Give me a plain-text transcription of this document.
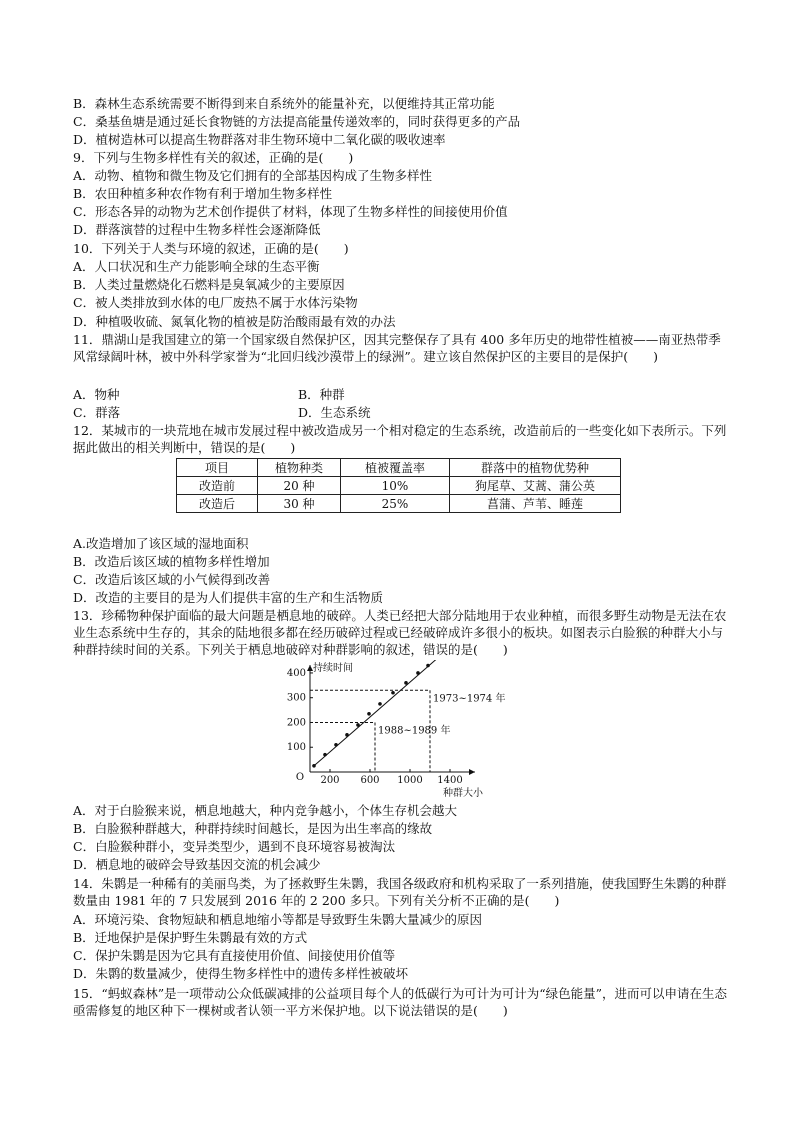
B．森林生态系统需要不断得到来自系统外的能量补充，以便维持其正常功能
C．桑基鱼塘是通过延长食物链的方法提高能量传递效率的，同时获得更多的产品
D．植树造林可以提高生物群落对非生物环境中二氧化碳的吸收速率
9．下列与生物多样性有关的叙述，正确的是(　　)
A．动物、植物和微生物及它们拥有的全部基因构成了生物多样性
B．农田种植多种农作物有利于增加生物多样性
C．形态各异的动物为艺术创作提供了材料，体现了生物多样性的间接使用价值
D．群落演替的过程中生物多样性会逐渐降低
10．下列关于人类与环境的叙述，正确的是(　　)
A．人口状况和生产力能影响全球的生态平衡
B．人类过量燃烧化石燃料是臭氧减少的主要原因
C．被人类排放到水体的电厂废热不属于水体污染物
D．种植吸收硫、氮氧化物的植被是防治酸雨最有效的办法
11．鼎湖山是我国建立的第一个国家级自然保护区，因其完整保存了具有 400 多年历史的地带性植被——南亚热带季风常绿阔叶林，被中外科学家誉为“北回归线沙漠带上的绿洲”。建立该自然保护区的主要目的是保护(　　)
A．物种	B．种群
C．群落	D．生态系统
12．某城市的一块荒地在城市发展过程中被改造成另一个相对稳定的生态系统，改造前后的一些变化如下表所示。下列据此做出的相关判断中，错误的是(　　)
项目	植物种类	植被覆盖率	群落中的植物优势种
改造前	20 种	10%	狗尾草、艾蒿、蒲公英
改造后	30 种	25%	菖蒲、芦苇、睡莲
A.改造增加了该区域的湿地面积
B．改造后该区域的植物多样性增加
C．改造后该区域的小气候得到改善
D．改造的主要目的是为人们提供丰富的生产和生活物质
13．珍稀物种保护面临的最大问题是栖息地的破碎。人类已经把大部分陆地用于农业种植，而很多野生动物是无法在农业生态系统中生存的，其余的陆地很多都在经历破碎过程或已经破碎成许多很小的板块。如图表示白脸猴的种群大小与种群持续时间的关系。下列关于栖息地破碎对种群影响的叙述，错误的是(　　)
200 600 1000 1400
100
200
300
400
O
持续时间
种群大小
1988~1989 年
1973~1974 年
A．对于白脸猴来说，栖息地越大，种内竞争越小，个体生存机会越大
B．白脸猴种群越大，种群持续时间越长，是因为出生率高的缘故
C．白脸猴种群小，变异类型少，遇到不良环境容易被淘汰
D．栖息地的破碎会导致基因交流的机会减少
14．朱鹮是一种稀有的美丽鸟类，为了拯救野生朱鹮，我国各级政府和机构采取了一系列措施，使我国野生朱鹮的种群数量由 1981 年的 7 只发展到 2016 年的 2 200 多只。下列有关分析不正确的是(　　)
A．环境污染、食物短缺和栖息地缩小等都是导致野生朱鹮大量减少的原因
B．迁地保护是保护野生朱鹮最有效的方式
C．保护朱鹮是因为它具有直接使用价值、间接使用价值等
D．朱鹮的数量减少，使得生物多样性中的遗传多样性被破坏
15．“蚂蚁森林”是一项带动公众低碳减排的公益项目每个人的低碳行为可计为可计为“绿色能量”，进而可以申请在生态亟需修复的地区种下一棵树或者认领一平方米保护地。以下说法错误的是(　　)
